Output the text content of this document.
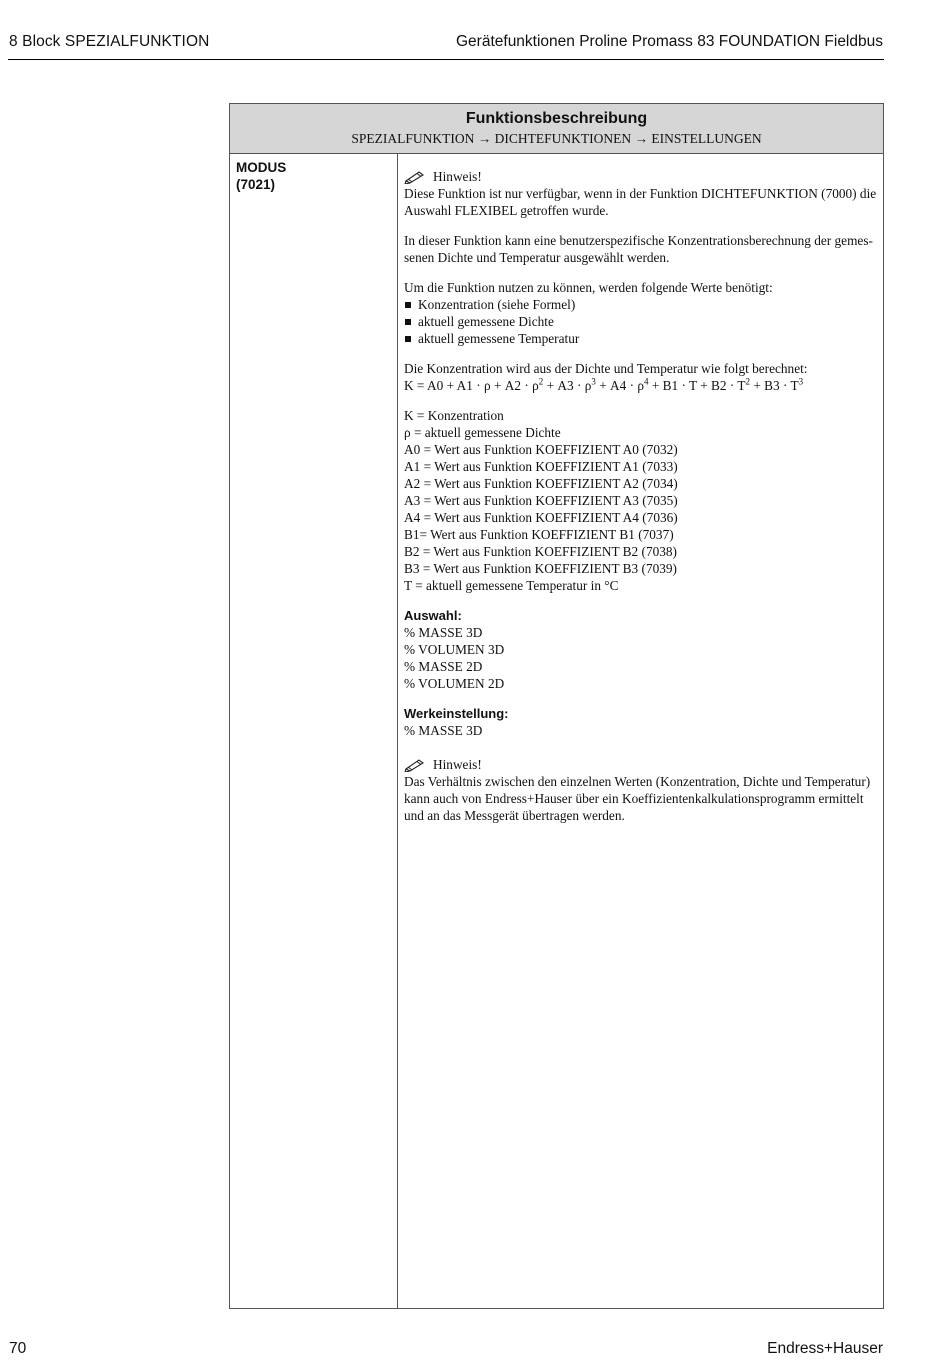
8 Block SPEZIALFUNKTION	Gerätefunktionen Proline Promass 83 FOUNDATION Fieldbus
Funktionsbeschreibung
SPEZIALFUNKTION → DICHTEFUNKTIONEN → EINSTELLUNGEN
MODUS
(7021)
Hinweis!
Diese Funktion ist nur verfügbar, wenn in der Funktion DICHTEFUNKTION (7000) die
Auswahl FLEXIBEL getroffen wurde.
In dieser Funktion kann eine benutzerspezifische Konzentrationsberechnung der gemes-
senen Dichte und Temperatur ausgewählt werden.
Um die Funktion nutzen zu können, werden folgende Werte benötigt:
Konzentration (siehe Formel)
aktuell gemessene Dichte
aktuell gemessene Temperatur
Die Konzentration wird aus der Dichte und Temperatur wie folgt berechnet:
$K = A0 + A1 \cdot \rho + A2 \cdot \rho^2 + A3 \cdot \rho^3 + A4 \cdot \rho^4 + B1 \cdot T + B2 \cdot T^2 + B3 \cdot T^3$
K = Konzentration
ρ = aktuell gemessene Dichte
A0 = Wert aus Funktion KOEFFIZIENT A0 (7032)
A1 = Wert aus Funktion KOEFFIZIENT A1 (7033)
A2 = Wert aus Funktion KOEFFIZIENT A2 (7034)
A3 = Wert aus Funktion KOEFFIZIENT A3 (7035)
A4 = Wert aus Funktion KOEFFIZIENT A4 (7036)
B1= Wert aus Funktion KOEFFIZIENT B1 (7037)
B2 = Wert aus Funktion KOEFFIZIENT B2 (7038)
B3 = Wert aus Funktion KOEFFIZIENT B3 (7039)
T = aktuell gemessene Temperatur in °C
Auswahl:
% MASSE 3D
% VOLUMEN 3D
% MASSE 2D
% VOLUMEN 2D
Werkeinstellung:
% MASSE 3D
Hinweis!
Das Verhältnis zwischen den einzelnen Werten (Konzentration, Dichte und Temperatur)
kann auch von Endress+Hauser über ein Koeffizientenkalkulationsprogramm ermittelt
und an das Messgerät übertragen werden.
70	Endress+Hauser
